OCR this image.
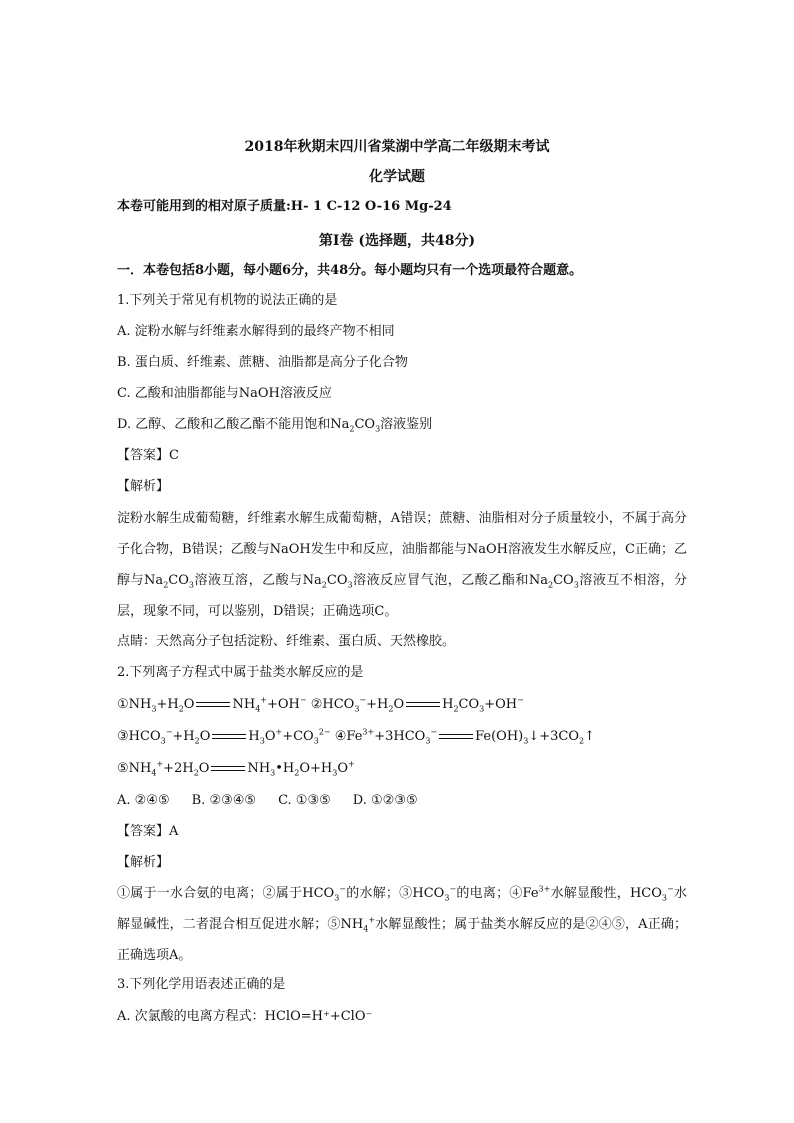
2018年秋期末四川省棠湖中学高二年级期末考试
化学试题
本卷可能用到的相对原子质量:H- 1 C-12 O-16 Mg-24
第I卷 (选择题，共48分)
一．本卷包括8小题，每小题6分，共48分。每小题均只有一个选项最符合题意。
1.下列关于常见有机物的说法正确的是
A. 淀粉水解与纤维素水解得到的最终产物不相同
B. 蛋白质、纤维素、蔗糖、油脂都是高分子化合物
C. 乙酸和油脂都能与NaOH溶液反应
D. 乙醇、乙酸和乙酸乙酯不能用饱和$Na_2CO_3$溶液鉴别
【答案】C
【解析】

淀粉水解生成葡萄糖，纤维素水解生成葡萄糖，A错误；蔗糖、油脂相对分子质量较小，不属于高分子化合物，B错误；乙酸与NaOH发生中和反应，油脂都能与NaOH溶液发生水解反应，C正确；乙醇与$Na_2CO_3$溶液互溶，乙酸与$Na_2CO_3$溶液反应冒气泡，乙酸乙酯和$Na_2CO_3$溶液互不相溶，分层，现象不同，可以鉴别，D错误；正确选项C。

点睛：天然高分子包括淀粉、纤维素、蛋白质、天然橡胶。
2.下列离子方程式中属于盐类水解反应的是
$①NH_3+H_2O$	$NH_4^++OH^-$ $②HCO_3^-+H_2O$	$H_2CO_3+OH^-$
$③HCO_3^-+H_2O$	$H_3O^++CO_3^{2-}$ $④Fe^{3+}+3HCO_3^-$	$Fe(OH)_3↓+3CO_2↑$
$⑤NH_4^++2H_2O$	$NH_3•H_2O+H_3O^+$
A. ②④⑤ B. ②③④⑤ C. ①③⑤ D. ①②③⑤
【答案】A
【解析】

①属于一水合氨的电离；②属于$HCO_3^-$的水解；$③HCO_3^-$的电离；$④Fe^{3+}$水解显酸性，$HCO_3^-$水解显碱性，二者混合相互促进水解；$⑤NH_4^+$水解显酸性；属于盐类水解反应的是②④⑤，A正确；正确选项A。

3.下列化学用语表述正确的是
A. 次氯酸的电离方程式：HClO=H⁺+ClO⁻
